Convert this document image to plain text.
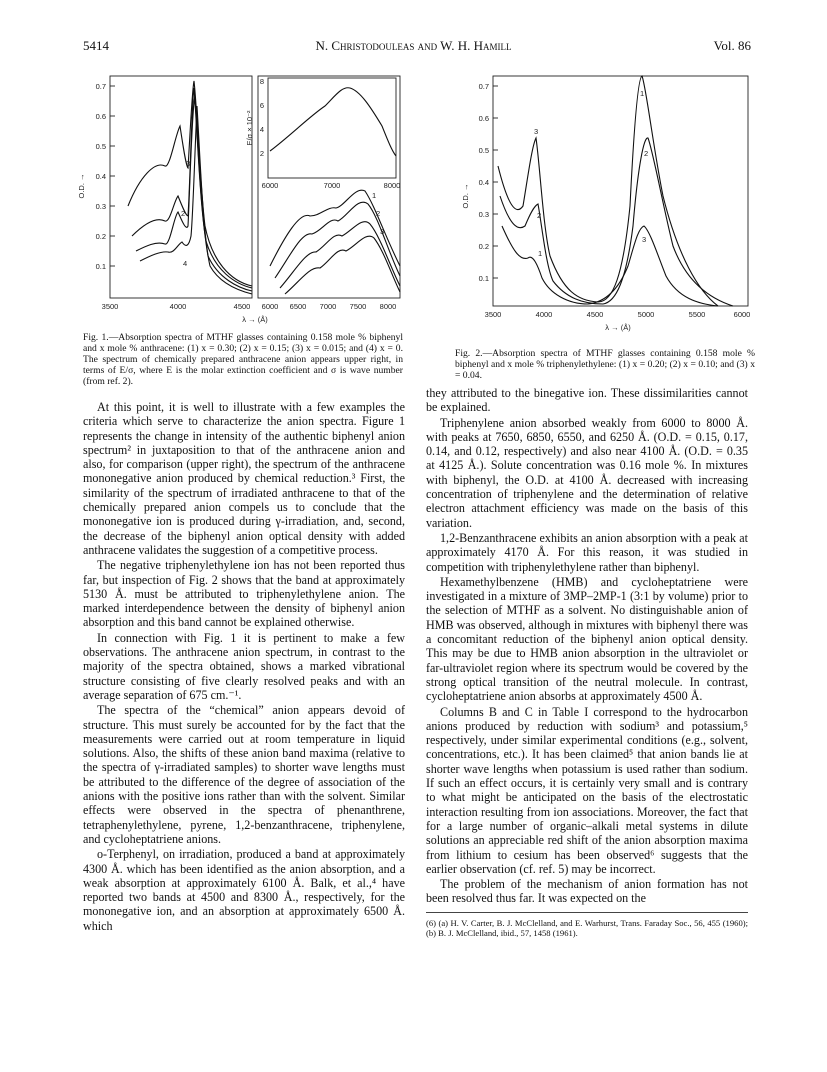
5414	N. Christodouleas and W. H. Hamill	Vol. 86
0.7
0.6
0.5
0.4
0.3
0.2
0.1
O.D. →
3500	4000	4500 6000 6500 7000 7500 8000
λ → (Å)
3
2
4
1
2
3
8
6
4
2
E/σ × 10⁻²
6000	7000	8000
Fig. 1.—Absorption spectra of MTHF glasses containing 0.158 mole % biphenyl and x mole % anthracene: (1) x = 0.30; (2) x = 0.15; (3) x = 0.015; and (4) x = 0. The spectrum of chemically prepared anthracene anion appears upper right, in terms of E/σ, where E is the molar extinction coefficient and σ is wave number (from ref. 2).
0.7
0.6
0.5
0.4
0.3
0.2
0.1
O.D. →
3500	4000	4500	5000	5500	6000
λ → (Å)
3
2
1
1
2
3
Fig. 2.—Absorption spectra of MTHF glasses containing 0.158 mole % biphenyl and x mole % triphenylethylene: (1) x = 0.20; (2) x = 0.10; and (3) x = 0.04.

At this point, it is well to illustrate with a few examples the criteria which serve to characterize the anion spectra. Figure 1 represents the change in intensity of the authentic biphenyl anion spectrum² in juxtaposition to that of the anthracene anion and also, for comparison (upper right), the spectrum of the anthracene mononegative anion produced by chemical reduction.³ First, the similarity of the spectrum of irradiated anthracene to that of the chemically prepared anion compels us to conclude that the mononegative ion is produced during γ-irradiation, and, second, the decrease of the biphenyl anion optical density with added anthracene validates the suggestion of a competitive process.

The negative triphenylethylene ion has not been reported thus far, but inspection of Fig. 2 shows that the band at approximately 5130 Å. must be attributed to triphenylethylene anion. The marked interdependence between the density of biphenyl anion absorption and this band cannot be explained otherwise.

In connection with Fig. 1 it is pertinent to make a few observations. The anthracene anion spectrum, in contrast to the majority of the spectra obtained, shows a marked vibrational structure consisting of five clearly resolved peaks and with an average separation of 675 cm.⁻¹.

The spectra of the “chemical” anion appears devoid of structure. This must surely be accounted for by the fact that the measurements were carried out at room temperature in liquid solutions. Also, the shifts of these anion band maxima (relative to the spectra of γ-irradiated samples) to shorter wave lengths must be attributed to the difference of the degree of association of the anions with the positive ions rather than with the solvent. Similar effects were observed in the spectra of phenanthrene, tetraphenylethylene, pyrene, 1,2-benzanthracene, triphenylene, and cycloheptatriene anions.

o-Terphenyl, on irradiation, produced a band at approximately 4300 Å. which has been identified as the anion absorption, and a weak absorption at approximately 6100 Å. Balk, et al.,⁴ have reported two bands at 4500 and 8300 Å., respectively, for the mononegative ion, and an absorption at approximately 6500 Å. which

they attributed to the binegative ion. These dissimilarities cannot be explained.

Triphenylene anion absorbed weakly from 6000 to 8000 Å. with peaks at 7650, 6850, 6550, and 6250 Å. (O.D. = 0.15, 0.17, 0.14, and 0.12, respectively) and also near 4100 Å. (O.D. = 0.35 at 4125 Å.). Solute concentration was 0.16 mole %. In mixtures with biphenyl, the O.D. at 4100 Å. decreased with increasing concentration of triphenylene and the determination of relative electron attachment efficiency was made on the basis of this variation.

1,2-Benzanthracene exhibits an anion absorption with a peak at approximately 4170 Å. For this reason, it was studied in competition with triphenylethylene rather than biphenyl.

Hexamethylbenzene (HMB) and cycloheptatriene were investigated in a mixture of 3MP–2MP-1 (3:1 by volume) prior to the selection of MTHF as a solvent. No distinguishable anion of HMB was observed, although in mixtures with biphenyl there was a concomitant reduction of the biphenyl anion optical density. This may be due to HMB anion absorption in the ultraviolet or far-ultraviolet region where its spectrum would be covered by the strong optical transition of the neutral molecule. In contrast, cycloheptatriene anion absorbs at approximately 4500 Å.

Columns B and C in Table I correspond to the hydrocarbon anions produced by reduction with sodium³ and potassium,⁵ respectively, under similar experimental conditions (e.g., solvent, concentrations, etc.). It has been claimed⁵ that anion bands lie at shorter wave lengths when potassium is used rather than sodium. If such an effect occurs, it is certainly very small and is contrary to what might be anticipated on the basis of the electrostatic interaction resulting from ion associations. Moreover, the fact that for a large number of organic–alkali metal systems in dilute solutions an appreciable red shift of the anion absorption maxima from lithium to cesium has been observed⁶ suggests that the earlier observation (cf. ref. 5) may be incorrect.

The problem of the mechanism of anion formation has not been resolved thus far. It was expected on the

(6) (a) H. V. Carter, B. J. McClelland, and E. Warhurst, Trans. Faraday Soc., 56, 455 (1960); (b) B. J. McClelland, ibid., 57, 1458 (1961).
